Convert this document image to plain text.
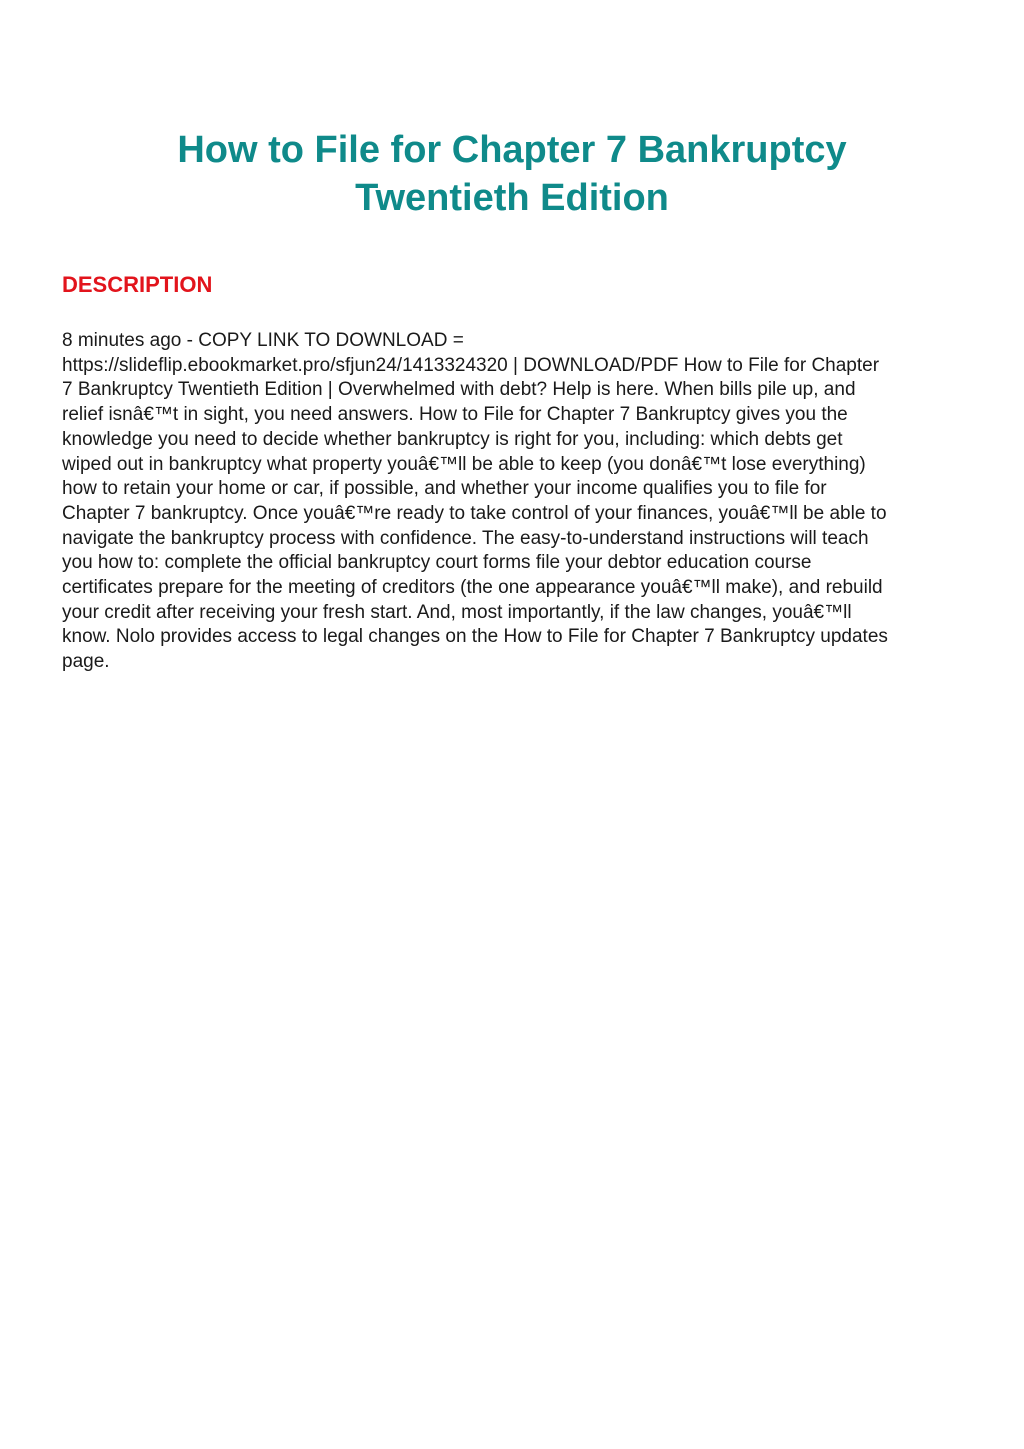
How to File for Chapter 7 Bankruptcy
Twentieth Edition
DESCRIPTION

8 minutes ago - COPY LINK TO DOWNLOAD =
https://slideflip.ebookmarket.pro/sfjun24/1413324320 | DOWNLOAD/PDF How to File for Chapter
7 Bankruptcy Twentieth Edition | Overwhelmed with debt? Help is here. When bills pile up, and
relief isnâ€™t in sight, you need answers. How to File for Chapter 7 Bankruptcy gives you the
knowledge you need to decide whether bankruptcy is right for you, including: which debts get
wiped out in bankruptcy what property youâ€™ll be able to keep (you donâ€™t lose everything)
how to retain your home or car, if possible, and whether your income qualifies you to file for
Chapter 7 bankruptcy. Once youâ€™re ready to take control of your finances, youâ€™ll be able to
navigate the bankruptcy process with confidence. The easy-to-understand instructions will teach
you how to: complete the official bankruptcy court forms file your debtor education course
certificates prepare for the meeting of creditors (the one appearance youâ€™ll make), and rebuild
your credit after receiving your fresh start. And, most importantly, if the law changes, youâ€™ll
know. Nolo provides access to legal changes on the How to File for Chapter 7 Bankruptcy updates
page.
